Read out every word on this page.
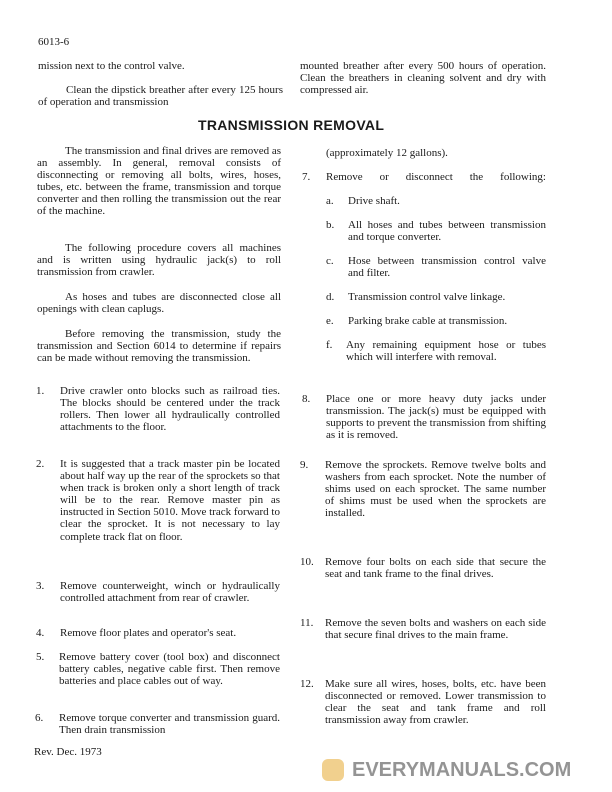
6013-6
mission next to the control valve.
Clean the dipstick breather after every 125 hours of operation and transmission
mounted breather after every 500 hours of operation. Clean the breathers in cleaning solvent and dry with compressed air.
TRANSMISSION REMOVAL
The transmission and final drives are removed as an assembly. In general, removal consists of disconnecting or removing all bolts, wires, hoses, tubes, etc. between the frame, transmission and torque converter and then rolling the transmission out the rear of the machine.
The following procedure covers all machines and is written using hydraulic jack(s) to roll transmission from crawler.
As hoses and tubes are disconnected close all openings with clean caplugs.
Before removing the transmission, study the transmission and Section 6014 to determine if repairs can be made without removing the transmission.
1. Drive crawler onto blocks such as railroad ties. The blocks should be centered under the track rollers. Then lower all hydraulically controlled attachments to the floor.
2. It is suggested that a track master pin be located about half way up the rear of the sprockets so that when track is broken only a short length of track will be to the rear. Remove master pin as instructed in Section 5010. Move track forward to clear the sprocket. It is not necessary to lay complete track flat on floor.
3. Remove counterweight, winch or hydraulically controlled attachment from rear of crawler.
4. Remove floor plates and operator's seat.
5. Remove battery cover (tool box) and disconnect battery cables, negative cable first. Then remove batteries and place cables out of way.
6. Remove torque converter and transmission guard. Then drain transmission
Rev. Dec. 1973
(approximately 12 gallons).
7. Remove or disconnect the following:
a. Drive shaft.
b. All hoses and tubes between transmission and torque converter.
c. Hose between transmission control valve and filter.
d. Transmission control valve linkage.
e. Parking brake cable at transmission.
f. Any remaining equipment hose or tubes which will interfere with removal.
8. Place one or more heavy duty jacks under transmission. The jack(s) must be equipped with supports to prevent the transmission from shifting as it is removed.
9. Remove the sprockets. Remove twelve bolts and washers from each sprocket. Note the number of shims used on each sprocket. The same number of shims must be used when the sprockets are installed.
10. Remove four bolts on each side that secure the seat and tank frame to the final drives.
11. Remove the seven bolts and washers on each side that secure final drives to the main frame.
12. Make sure all wires, hoses, bolts, etc. have been disconnected or removed. Lower transmission to clear the seat and tank frame and roll transmission away from crawler.
EVERYMANUALS.COM
